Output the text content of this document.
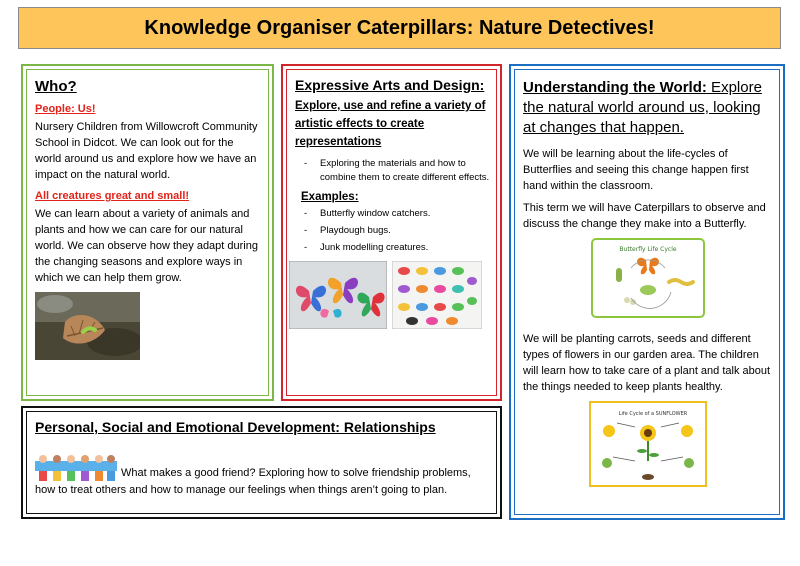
Knowledge Organiser Caterpillars: Nature Detectives!
Who?
People: Us!

Nursery Children from Willowcroft Community School in Didcot. We can look out for the world around us and explore how we have an impact on the natural world.

All creatures great and small!

We can learn about a variety of animals and plants and how we can care for our natural world. We can observe how they adapt during the changing seasons and explore ways in which we can help them grow.

Expressive Arts and Design:
Explore, use and refine a variety of artistic effects to create representations
- Exploring the materials and how to combine them to create different effects.
Examples:
- Butterfly window catchers.
- Playdough bugs.
- Junk modelling creatures.
Understanding the World: Explore the natural world around us, looking at changes that happen.

We will be learning about the life-cycles of Butterflies and seeing this change happen first hand within the classroom.

This term we will have Caterpillars to observe and discuss the change they make into a Butterfly.

Butterfly Life Cycle

We will be planting carrots, seeds and different types of flowers in our garden area. The children will learn how to take care of a plant and talk about the things needed to keep plants healthy.

Life Cycle of a SUNFLOWER
Personal, Social and Emotional Development: Relationships

What makes a good friend? Exploring how to solve friendship problems, how to treat others and how to manage our feelings when things aren’t going to plan.
